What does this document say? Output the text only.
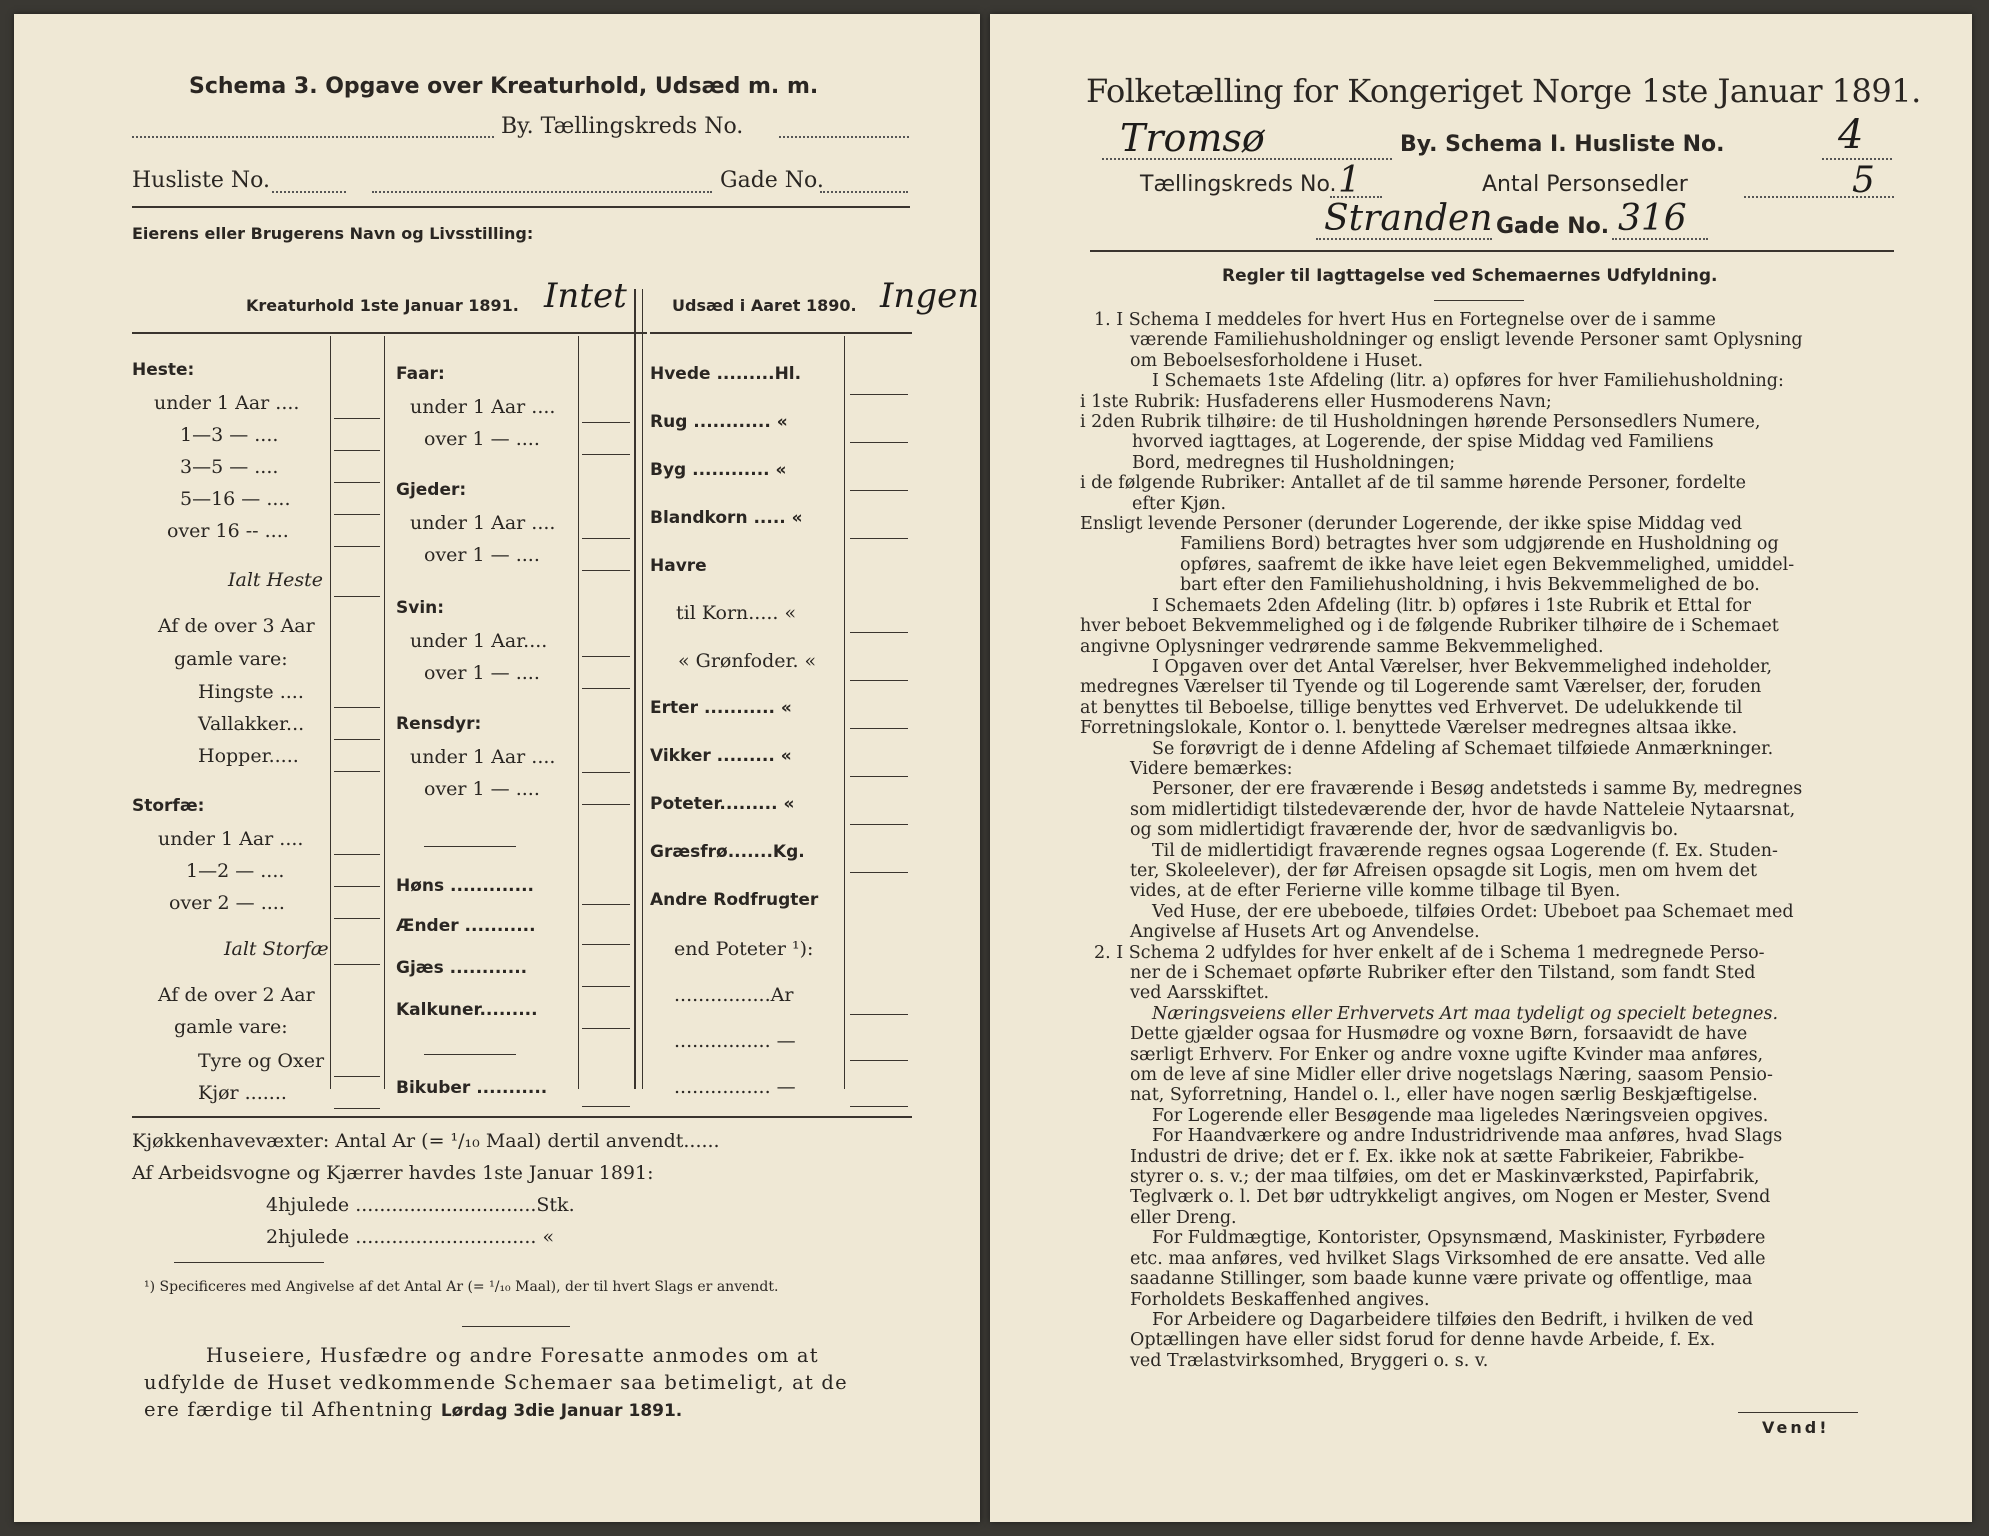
Schema 3. Opgave over Kreaturhold, Udsæd m. m.
By. Tællingskreds No.
Husliste No.	Gade No.
Eierens eller Brugerens Navn og Livsstilling:
Kreaturhold 1ste Januar 1891. Intet	Udsæd i Aaret 1890. Ingen
Heste:
under 1 Aar ....
1—3 — ....
3—5 — ....
5—16 — ....
over 16 -- ....
Ialt Heste
Af de over 3 Aar
gamle vare:
Hingste ....
Vallakker...
Hopper.....
Storfæ:
under 1 Aar ....
1—2 — ....
over 2 — ....
Ialt Storfæ
Af de over 2 Aar
gamle vare:
Tyre og Oxer
Kjør .......
Faar:
under 1 Aar ....
over 1 — ....
Gjeder:
under 1 Aar ....
over 1 — ....
Svin:
under 1 Aar....
over 1 — ....
Rensdyr:
under 1 Aar ....
over 1 — ....
Høns .............
Ænder ...........
Gjæs ............
Kalkuner.........
Bikuber ...........
Hvede .........Hl.
Rug ............ «
Byg ............ «
Blandkorn ..... «
Havre
til Korn..... «
« Grønfoder. «
Erter ........... «
Vikker ......... «
Poteter......... «
Græsfrø.......Kg.
Andre Rodfrugter
end Poteter ¹):
................Ar
................ —
................ —
Kjøkkenhavevæxter: Antal Ar (= ¹/₁₀ Maal) dertil anvendt......
Af Arbeidsvogne og Kjærrer havdes 1ste Januar 1891:
4hjulede ..............................Stk.
2hjulede .............................. «
¹) Specificeres med Angivelse af det Antal Ar (= ¹/₁₀ Maal), der til hvert Slags er anvendt.
Huseiere, Husfædre og andre Foresatte anmodes om at
udfylde de Huset vedkommende Schemaer saa betimeligt, at de
ere færdige til Afhentning Lørdag 3die Januar 1891.
Folketælling for Kongeriget Norge 1ste Januar 1891.
Tromsø	By. Schema I. Husliste No.	4
Tællingskreds No. 1	Antal Personsedler	5
Stranden Gade No. 316
Regler til Iagttagelse ved Schemaernes Udfyldning.
1. I Schema I meddeles for hvert Hus en Fortegnelse over de i samme
værende Familiehusholdninger og ensligt levende Personer samt Oplysning
om Beboelsesforholdene i Huset.
I Schemaets 1ste Afdeling (litr. a) opføres for hver Familiehusholdning:
i 1ste Rubrik: Husfaderens eller Husmoderens Navn;
i 2den Rubrik tilhøire: de til Husholdningen hørende Personsedlers Numere,
hvorved iagttages, at Logerende, der spise Middag ved Familiens
Bord, medregnes til Husholdningen;
i de følgende Rubriker: Antallet af de til samme hørende Personer, fordelte
efter Kjøn.
Ensligt levende Personer (derunder Logerende, der ikke spise Middag ved
Familiens Bord) betragtes hver som udgjørende en Husholdning og
opføres, saafremt de ikke have leiet egen Bekvemmelighed, umiddel-
bart efter den Familiehusholdning, i hvis Bekvemmelighed de bo.
I Schemaets 2den Afdeling (litr. b) opføres i 1ste Rubrik et Ettal for
hver beboet Bekvemmelighed og i de følgende Rubriker tilhøire de i Schemaet
angivne Oplysninger vedrørende samme Bekvemmelighed.
I Opgaven over det Antal Værelser, hver Bekvemmelighed indeholder,
medregnes Værelser til Tyende og til Logerende samt Værelser, der, foruden
at benyttes til Beboelse, tillige benyttes ved Erhvervet. De udelukkende til
Forretningslokale, Kontor o. l. benyttede Værelser medregnes altsaa ikke.
Se forøvrigt de i denne Afdeling af Schemaet tilføiede Anmærkninger.
Videre bemærkes:
Personer, der ere fraværende i Besøg andetsteds i samme By, medregnes
som midlertidigt tilstedeværende der, hvor de havde Natteleie Nytaarsnat,
og som midlertidigt fraværende der, hvor de sædvanligvis bo.
Til de midlertidigt fraværende regnes ogsaa Logerende (f. Ex. Studen-
ter, Skoleelever), der før Afreisen opsagde sit Logis, men om hvem det
vides, at de efter Ferierne ville komme tilbage til Byen.
Ved Huse, der ere ubeboede, tilføies Ordet: Ubeboet paa Schemaet med
Angivelse af Husets Art og Anvendelse.
2. I Schema 2 udfyldes for hver enkelt af de i Schema 1 medregnede Perso-
ner de i Schemaet opførte Rubriker efter den Tilstand, som fandt Sted
ved Aarsskiftet.
Næringsveiens eller Erhvervets Art maa tydeligt og specielt betegnes.
Dette gjælder ogsaa for Husmødre og voxne Børn, forsaavidt de have
særligt Erhverv. For Enker og andre voxne ugifte Kvinder maa anføres,
om de leve af sine Midler eller drive nogetslags Næring, saasom Pensio-
nat, Syforretning, Handel o. l., eller have nogen særlig Beskjæftigelse.
For Logerende eller Besøgende maa ligeledes Næringsveien opgives.
For Haandværkere og andre Industridrivende maa anføres, hvad Slags
Industri de drive; det er f. Ex. ikke nok at sætte Fabrikeier, Fabrikbe-
styrer o. s. v.; der maa tilføies, om det er Maskinværksted, Papirfabrik,
Teglværk o. l. Det bør udtrykkeligt angives, om Nogen er Mester, Svend
eller Dreng.
For Fuldmægtige, Kontorister, Opsynsmænd, Maskinister, Fyrbødere
etc. maa anføres, ved hvilket Slags Virksomhed de ere ansatte. Ved alle
saadanne Stillinger, som baade kunne være private og offentlige, maa
Forholdets Beskaffenhed angives.
For Arbeidere og Dagarbeidere tilføies den Bedrift, i hvilken de ved
Optællingen have eller sidst forud for denne havde Arbeide, f. Ex.
ved Trælastvirksomhed, Bryggeri o. s. v.
Vend!
